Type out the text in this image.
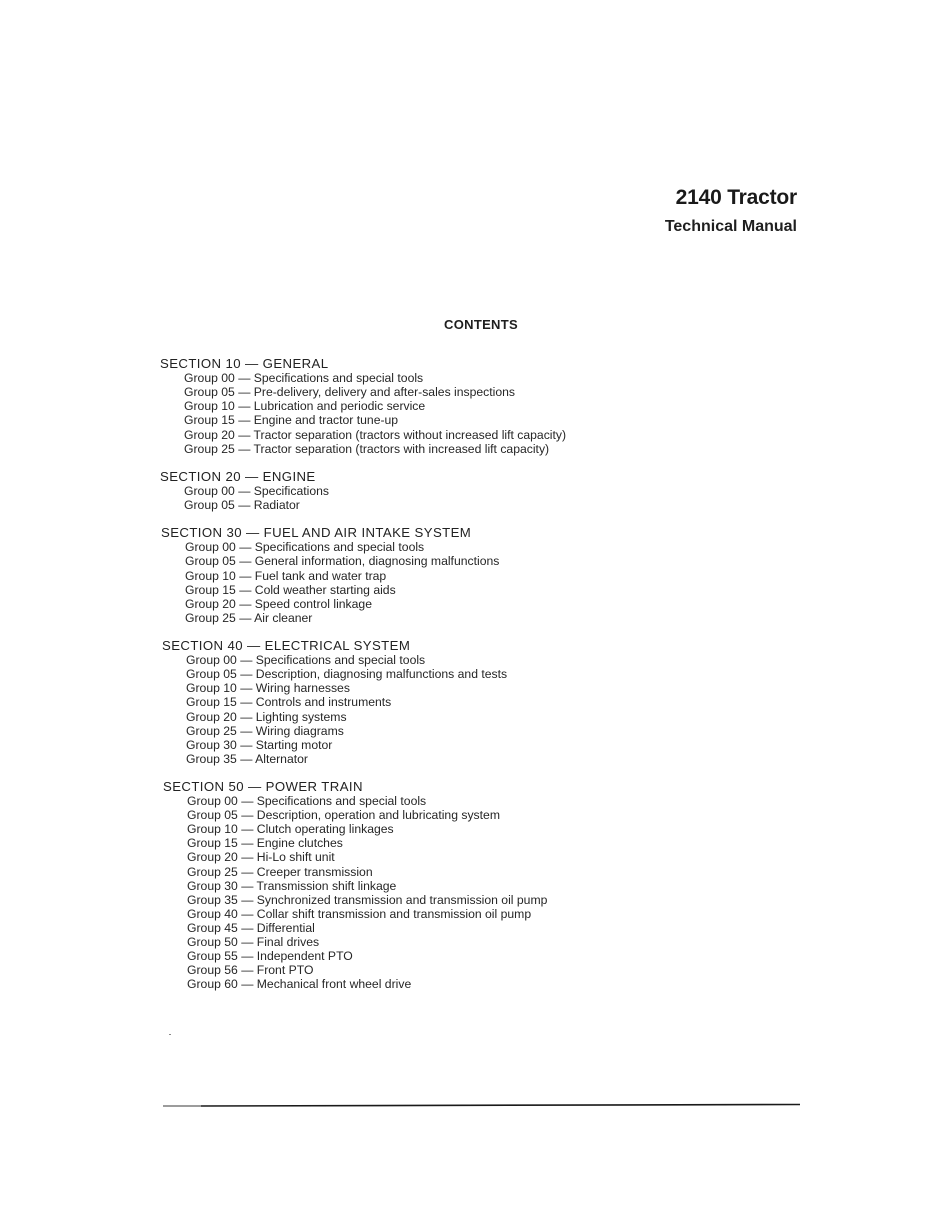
2140 Tractor
Technical Manual
CONTENTS
SECTION 10 — GENERAL
Group 00 — Specifications and special tools
Group 05 — Pre-delivery, delivery and after-sales inspections
Group 10 — Lubrication and periodic service
Group 15 — Engine and tractor tune-up
Group 20 — Tractor separation (tractors without increased lift capacity)
Group 25 — Tractor separation (tractors with increased lift capacity)
SECTION 20 — ENGINE
Group 00 — Specifications
Group 05 — Radiator
SECTION 30 — FUEL AND AIR INTAKE SYSTEM
Group 00 — Specifications and special tools
Group 05 — General information, diagnosing malfunctions
Group 10 — Fuel tank and water trap
Group 15 — Cold weather starting aids
Group 20 — Speed control linkage
Group 25 — Air cleaner
SECTION 40 — ELECTRICAL SYSTEM
Group 00 — Specifications and special tools
Group 05 — Description, diagnosing malfunctions and tests
Group 10 — Wiring harnesses
Group 15 — Controls and instruments
Group 20 — Lighting systems
Group 25 — Wiring diagrams
Group 30 — Starting motor
Group 35 — Alternator
SECTION 50 — POWER TRAIN
Group 00 — Specifications and special tools
Group 05 — Description, operation and lubricating system
Group 10 — Clutch operating linkages
Group 15 — Engine clutches
Group 20 — Hi-Lo shift unit
Group 25 — Creeper transmission
Group 30 — Transmission shift linkage
Group 35 — Synchronized transmission and transmission oil pump
Group 40 — Collar shift transmission and transmission oil pump
Group 45 — Differential
Group 50 — Final drives
Group 55 — Independent PTO
Group 56 — Front PTO
Group 60 — Mechanical front wheel drive
